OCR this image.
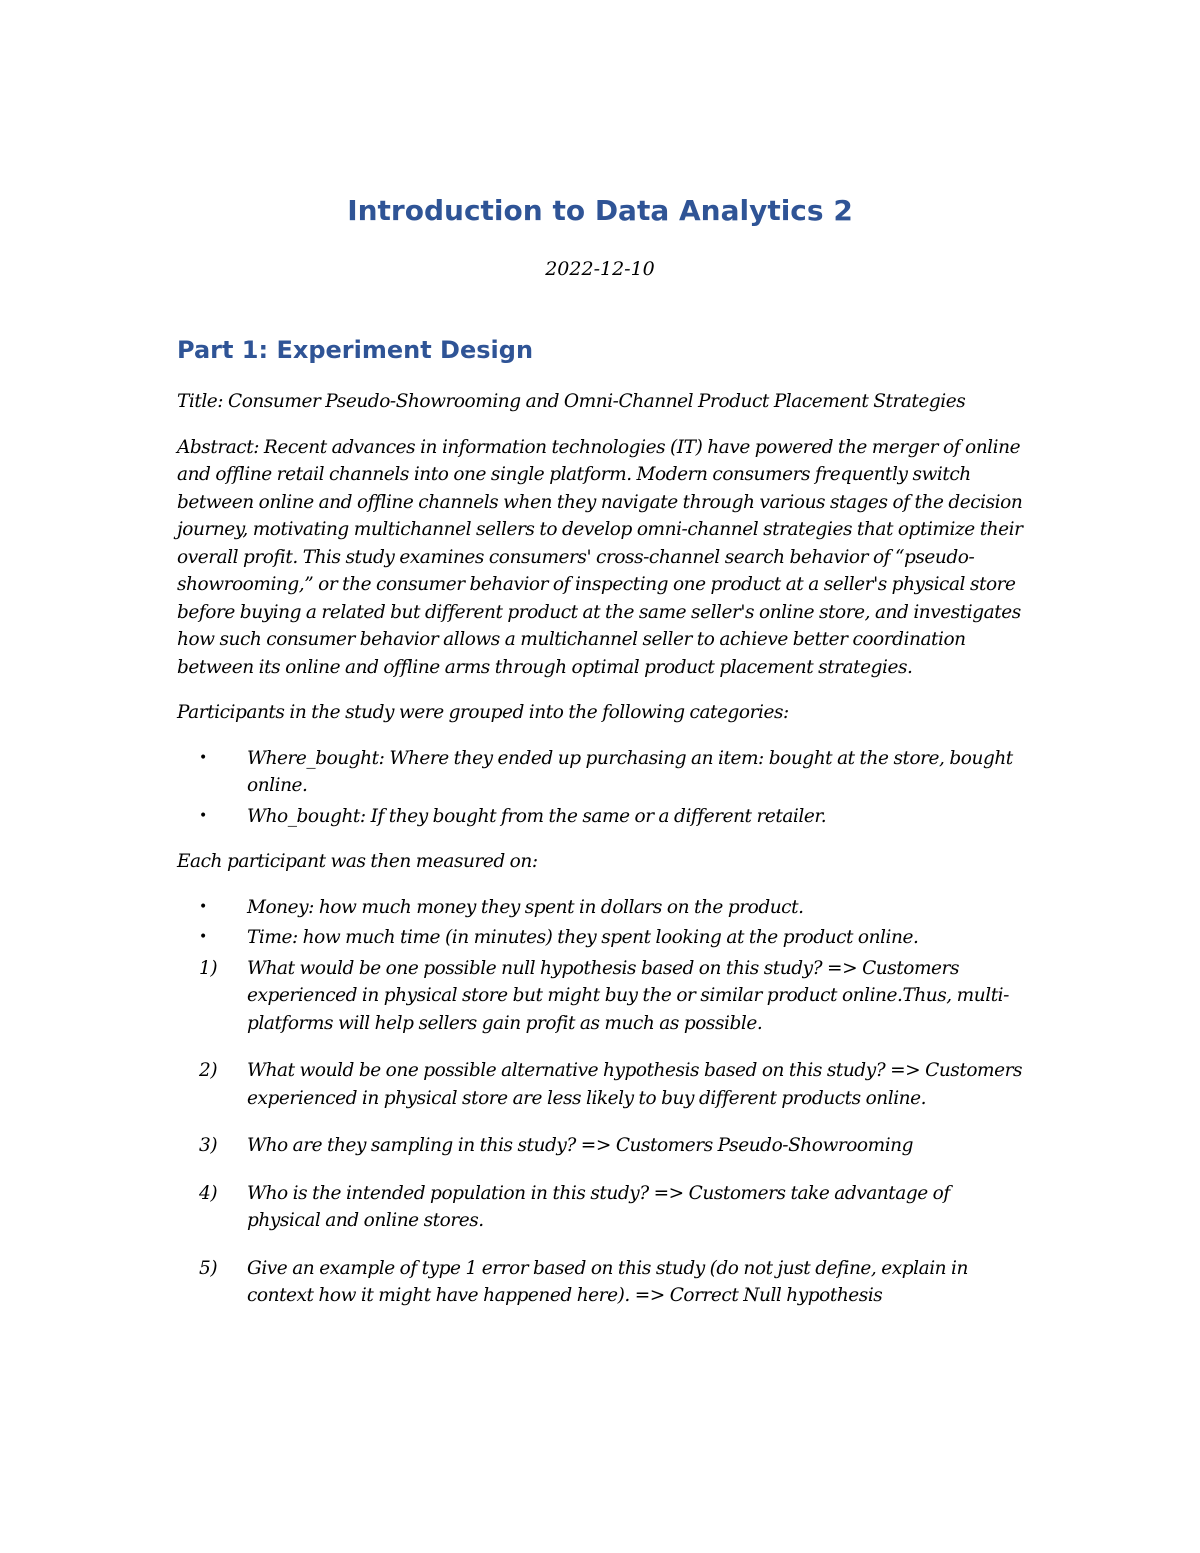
Introduction to Data Analytics 2

2022-12-10

Part 1: Experiment Design

Title: Consumer Pseudo-Showrooming and Omni-Channel Product Placement Strategies

Abstract: Recent advances in information technologies (IT) have powered the merger of online and offline retail channels into one single platform. Modern consumers frequently switch between online and offline channels when they navigate through various stages of the decision journey, motivating multichannel sellers to develop omni-channel strategies that optimize their overall profit. This study examines consumers' cross-channel search behavior of “pseudo-showrooming,” or the consumer behavior of inspecting one product at a seller's physical store before buying a related but different product at the same seller's online store, and investigates how such consumer behavior allows a multichannel seller to achieve better coordination between its online and offline arms through optimal product placement strategies.

Participants in the study were grouped into the following categories:

• Where_bought: Where they ended up purchasing an item: bought at the store, bought online.
• Who_bought: If they bought from the same or a different retailer.

Each participant was then measured on:

• Money: how much money they spent in dollars on the product.
• Time: how much time (in minutes) they spent looking at the product online.
1) What would be one possible null hypothesis based on this study? => Customers experienced in physical store but might buy the or similar product online.Thus, multi-platforms will help sellers gain profit as much as possible.
2) What would be one possible alternative hypothesis based on this study? => Customers experienced in physical store are less likely to buy different products online.
3) Who are they sampling in this study? => Customers Pseudo-Showrooming
4) Who is the intended population in this study? => Customers take advantage of physical and online stores.
5) Give an example of type 1 error based on this study (do not just define, explain in context how it might have happened here). => Correct Null hypothesis
